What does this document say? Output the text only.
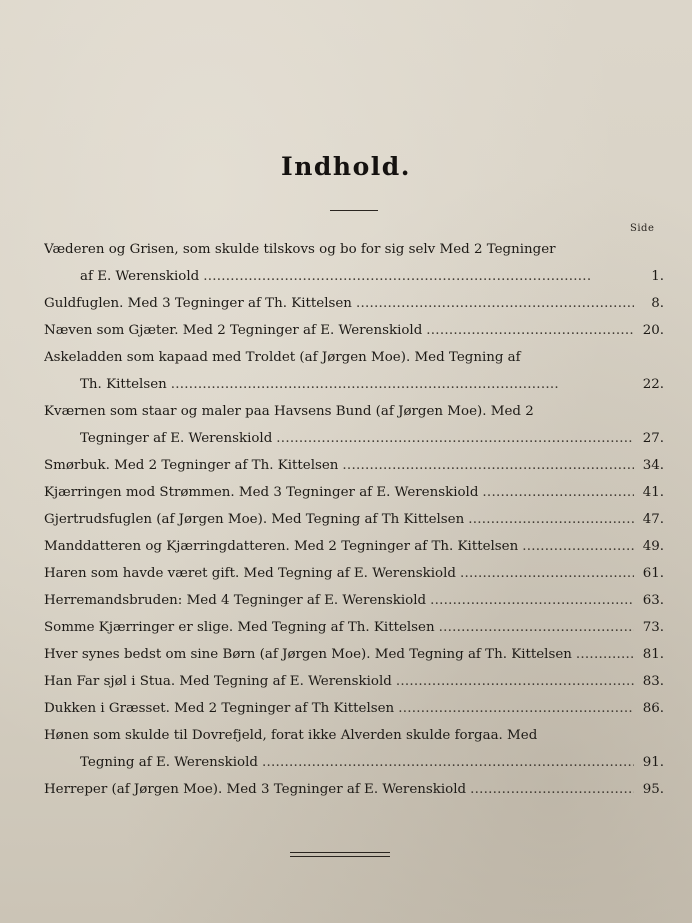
Indhold.
Side
Væderen og Grisen, som skulde tilskovs og bo for sig selv Med 2 Tegninger
af E. Werenskiold . . .	1.
Guldfuglen. Med 3 Tegninger af Th. Kittelsen . . .	8.
Næven som Gjæter. Med 2 Tegninger af E. Werenskiold . . .	20.
Askeladden som kapaad med Troldet (af Jørgen Moe). Med Tegning af
Th. Kittelsen . . .	22.
Kværnen som staar og maler paa Havsens Bund (af Jørgen Moe). Med 2
Tegninger af E. Werenskiold . . .	27.
Smørbuk. Med 2 Tegninger af Th. Kittelsen . . .	34.
Kjærringen mod Strømmen. Med 3 Tegninger af E. Werenskiold . . .	41.
Gjertrudsfuglen (af Jørgen Moe). Med Tegning af Th Kittelsen . . .	47.
Manddatteren og Kjærringdatteren. Med 2 Tegninger af Th. Kittelsen . . .	49.
Haren som havde været gift. Med Tegning af E. Werenskiold . . .	61.
Herremandsbruden: Med 4 Tegninger af E. Werenskiold . . .	63.
Somme Kjærringer er slige. Med Tegning af Th. Kittelsen . . .	73.
Hver synes bedst om sine Børn (af Jørgen Moe). Med Tegning af Th. Kittelsen . . .	81.
Han Far sjøl i Stua. Med Tegning af E. Werenskiold . . .	83.
Dukken i Græsset. Med 2 Tegninger af Th Kittelsen . . .	86.
Hønen som skulde til Dovrefjeld, forat ikke Alverden skulde forgaa. Med
Tegning af E. Werenskiold . . .	91.
Herreper (af Jørgen Moe). Med 3 Tegninger af E. Werenskiold . . .	95.
